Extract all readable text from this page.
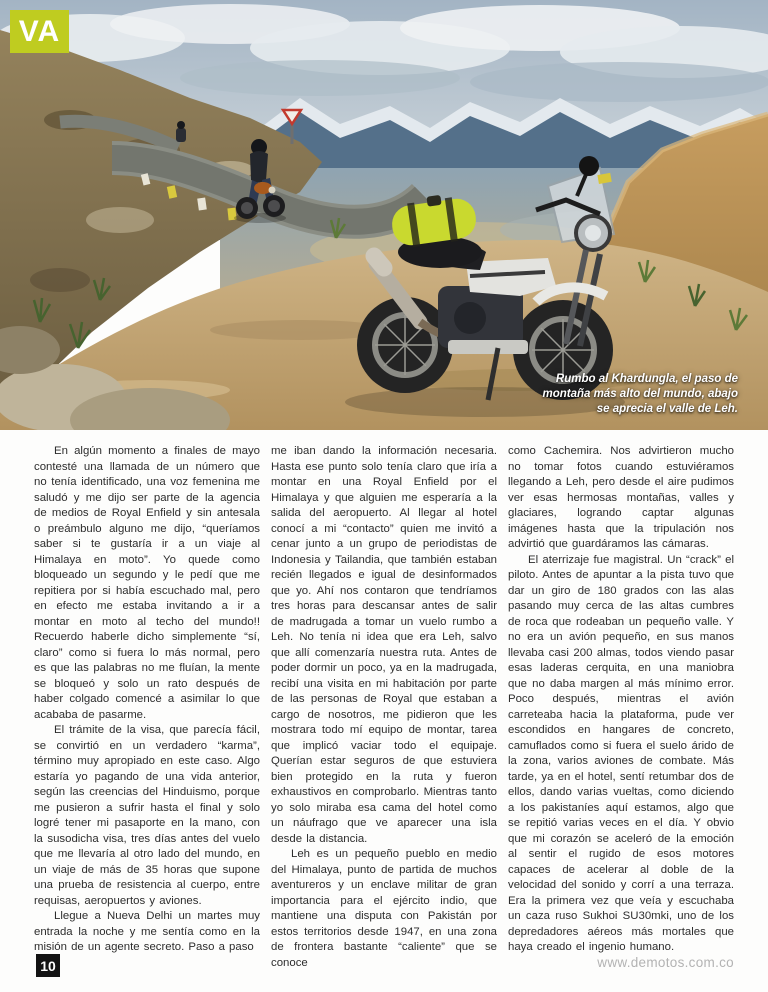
VA
Rumbo al Khardungla, el paso de montaña más alto del mundo, abajo se aprecia el valle de Leh.

En algún momento a finales de mayo contesté una llamada de un número que no tenía identificado, una voz femenina me saludó y me dijo ser parte de la agencia de medios de Royal Enfield y sin antesala o preámbulo alguno me dijo, “queríamos saber si te gustaría ir a un viaje al Himalaya en moto”. Yo quede como bloqueado un segundo y le pedí que me repitiera por si había escuchado mal, pero en efecto me estaba invitando a ir a montar en moto al techo del mundo!! Recuerdo haberle dicho simplemente “sí, claro” como si fuera lo más normal, pero es que las palabras no me fluían, la mente se bloqueó y solo un rato después de haber colgado comencé a asimilar lo que acababa de pasarme.

El trámite de la visa, que parecía fácil, se convirtió en un verdadero “karma”, término muy apropiado en este caso. Algo estaría yo pagando de una vida anterior, según las creencias del Hinduismo, porque me pusieron a sufrir hasta el final y solo logré tener mi pasaporte en la mano, con la susodicha visa, tres días antes del vuelo que me llevaría al otro lado del mundo, en un viaje de más de 35 horas que supone una prueba de resistencia al cuerpo, entre requisas, aeropuertos y aviones.

Llegue a Nueva Delhi un martes muy entrada la noche y me sentía como en la misión de un agente secreto. Paso a paso

me iban dando la información necesaria. Hasta ese punto solo tenía claro que iría a montar en una Royal Enfield por el Himalaya y que alguien me esperaría a la salida del aeropuerto. Al llegar al hotel conocí a mi “contacto” quien me invitó a cenar junto a un grupo de periodistas de Indonesia y Tailandia, que también estaban recién llegados e igual de desinformados que yo. Ahí nos contaron que tendríamos tres horas para descansar antes de salir de madrugada a tomar un vuelo rumbo a Leh. No tenía ni idea que era Leh, salvo que allí comenzaría nuestra ruta. Antes de poder dormir un poco, ya en la madrugada, recibí una visita en mi habitación por parte de las personas de Royal que estaban a cargo de nosotros, me pidieron que les mostrara todo mí equipo de montar, tarea que implicó vaciar todo el equipaje. Querían estar seguros de que estuviera bien protegido en la ruta y fueron exhaustivos en comprobarlo. Mientras tanto yo solo miraba esa cama del hotel como un náufrago que ve aparecer una isla desde la distancia.

Leh es un pequeño pueblo en medio del Himalaya, punto de partida de muchos aventureros y un enclave militar de gran importancia para el ejército indio, que mantiene una disputa con Pakistán por estos territorios desde 1947, en una zona de frontera bastante “caliente” que se conoce

como Cachemira. Nos advirtieron mucho no tomar fotos cuando estuviéramos llegando a Leh, pero desde el aire pudimos ver esas hermosas montañas, valles y glaciares, logrando captar algunas imágenes hasta que la tripulación nos advirtió que guardáramos las cámaras.

El aterrizaje fue magistral. Un “crack” el piloto. Antes de apuntar a la pista tuvo que dar un giro de 180 grados con las alas pasando muy cerca de las altas cumbres de roca que rodeaban un pequeño valle. Y no era un avión pequeño, en sus manos llevaba casi 200 almas, todos viendo pasar esas laderas cerquita, en una maniobra que no daba margen al más mínimo error. Poco después, mientras el avión carreteaba hacia la plataforma, pude ver escondidos en hangares de concreto, camuflados como si fuera el suelo árido de la zona, varios aviones de combate. Más tarde, ya en el hotel, sentí retumbar dos de ellos, dando varias vueltas, como diciendo a los pakistaníes aquí estamos, algo que se repitió varias veces en el día. Y obvio que mi corazón se aceleró de la emoción al sentir el rugido de esos motores capaces de acelerar al doble de la velocidad del sonido y corrí a una terraza. Era la primera vez que veía y escuchaba un caza ruso Sukhoi SU30mki, uno de los depredadores aéreos más mortales que haya creado el ingenio humano.

10	www.demotos.com.co
